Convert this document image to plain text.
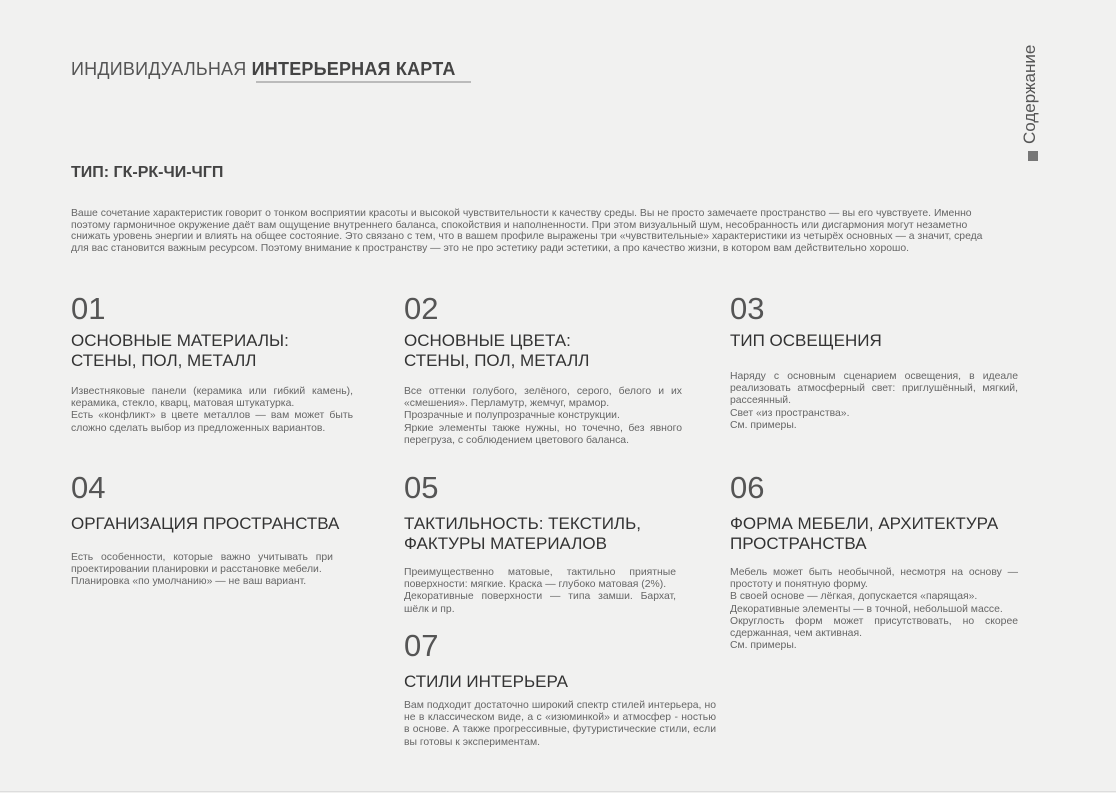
ИНДИВИДУАЛЬНАЯ ИНТЕРЬЕРНАЯ КАРТА
ТИП: ГК-РК-ЧИ-ЧГП
Ваше сочетание характеристик говорит о тонком восприятии красоты и высокой чувствительности к качеству среды. Вы не просто замечаете пространство — вы его чувствуете. Именно поэтому гармоничное окружение даёт вам ощущение внутреннего баланса, спокойствия и наполненности. При этом визуальный шум, несобранность или дисгармония могут незаметно снижать уровень энергии и влиять на общее состояние. Это связано с тем, что в вашем профиле выражены три «чувствительные» характеристики из четырёх основных — а значит, среда для вас становится важным ресурсом. Поэтому внимание к пространству — это не про эстетику ради эстетики, а про качество жизни, в котором вам действительно хорошо.
Содержание
01
ОСНОВНЫЕ МАТЕРИАЛЫ:
СТЕНЫ, ПОЛ, МЕТАЛЛ

Известняковые панели (керамика или гибкий камень), керамика, стекло, кварц, матовая штукатурка.

Есть «конфликт» в цвете металлов — вам может быть сложно сделать выбор из предложенных вариантов.

02
ОСНОВНЫЕ ЦВЕТА:
СТЕНЫ, ПОЛ, МЕТАЛЛ

Все оттенки голубого, зелёного, серого, белого и их «смешения». Перламутр, жемчуг, мрамор.

Прозрачные и полупрозрачные конструкции.

Яркие элементы также нужны, но точечно, без явного перегруза, с соблюдением цветового баланса.

03
ТИП ОСВЕЩЕНИЯ

Наряду с основным сценарием освещения, в идеале реализовать атмосферный свет: приглушённый, мягкий, рассеянный.

Свет «из пространства».

См. примеры.

04
ОРГАНИЗАЦИЯ ПРОСТРАНСТВА

Есть особенности, которые важно учитывать при проектировании планировки и расстановке мебели.

Планировка «по умолчанию» — не ваш вариант.

05
ТАКТИЛЬНОСТЬ: ТЕКСТИЛЬ, ФАКТУРЫ МАТЕРИАЛОВ

Преимущественно матовые, тактильно приятные поверхности: мягкие. Краска — глубоко матовая (2%).

Декоративные поверхности — типа замши. Бархат, шёлк и пр.

06
ФОРМА МЕБЕЛИ, АРХИТЕКТУРА ПРОСТРАНСТВА

Мебель может быть необычной, несмотря на основу — простоту и понятную форму.

В своей основе — лёгкая, допускается «парящая».

Декоративные элементы — в точной, небольшой массе.

Округлость форм может присутствовать, но скорее сдержанная, чем активная.

См. примеры.

07
СТИЛИ ИНТЕРЬЕРА

Вам подходит достаточно широкий спектр стилей интерьера, но не в классическом виде, а с «изюминкой» и атмосфер - ностью в основе. А также прогрессивные, футуристические стили, если вы готовы к экспериментам.
